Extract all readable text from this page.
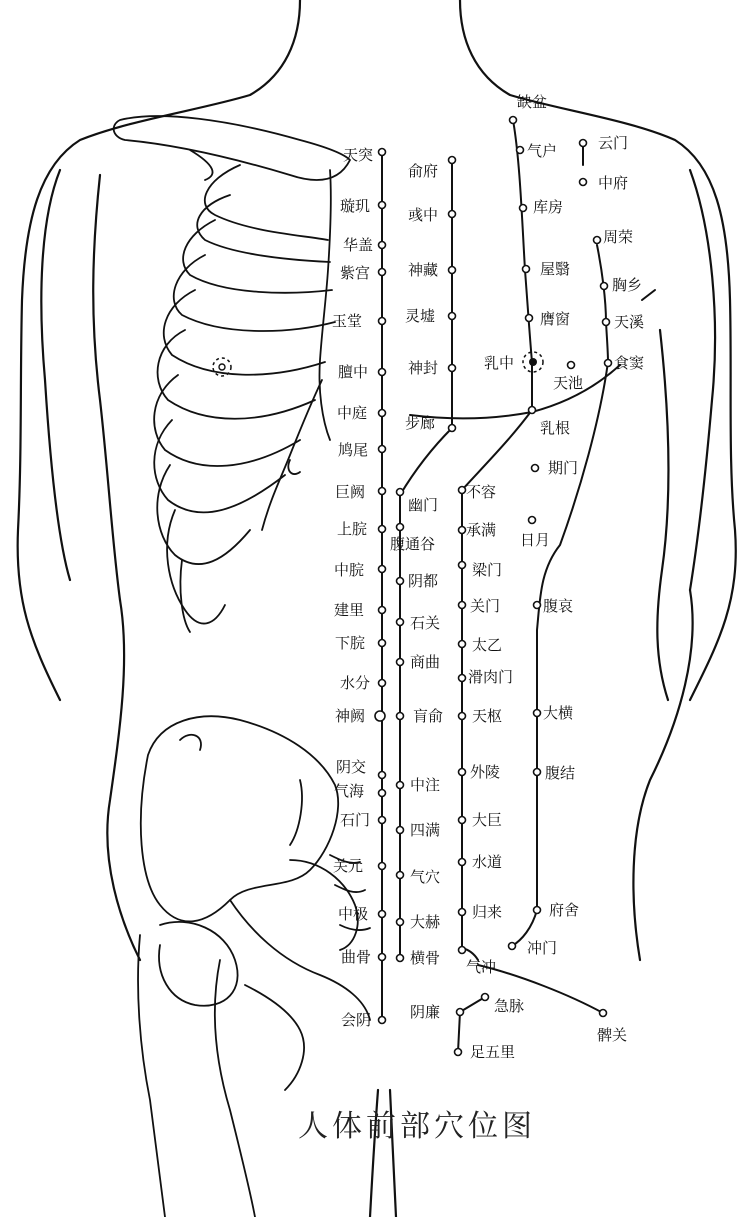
天突
璇玑
华盖
紫宫
玉堂
膻中
中庭
鸠尾
巨阙
上脘
中脘
建里
下脘
水分
神阙
阴交
气海
石门
关元
中极
曲骨
会阴
俞府
彧中
神藏
灵墟
神封
步廊
幽门
腹通谷
阴都
石关
商曲
肓俞
中注
四满
气穴
大赫
横骨
缺盆
气户
库房
屋翳
膺窗
乳中
乳根
不容
承满
梁门
关门
太乙
滑肉门
天枢
外陵
大巨
水道
归来
气冲
周荣
胸乡
天溪
食窦
天池
腹哀
大横
腹结
府舍
冲门
云门
中府
期门
日月
急脉
阴廉
足五里
髀关
人体前部穴位图
